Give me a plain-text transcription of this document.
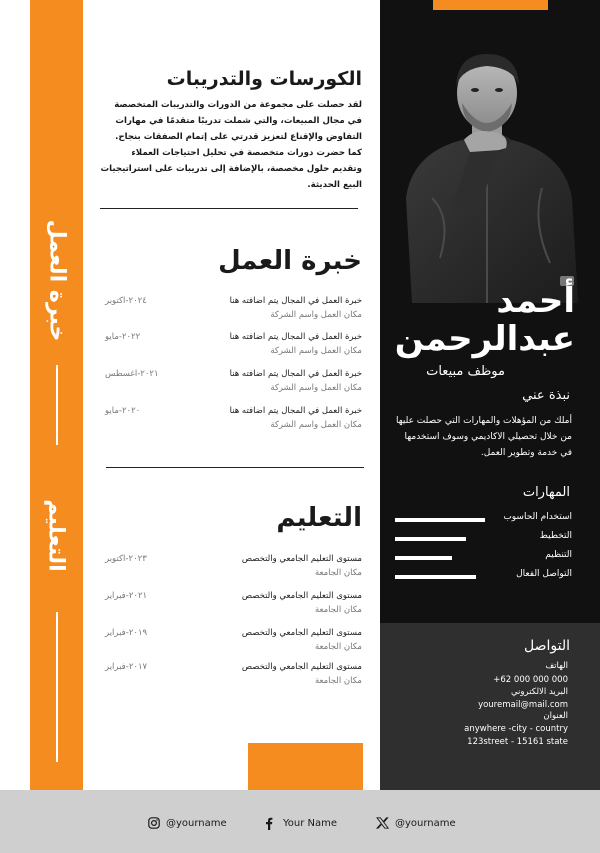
خبرة العمل
التعليم
أحمد
عبدالرحمن
موظف مبيعات
نبذة عني
أملك من المؤهلات والمهارات التي حصلت عليها من خلال تحصيلي الاكاديمي وسوف استخدمها في خدمة وتطوير العمل.
المهارات
استخدام الحاسوب
التخطيط
التنظيم
التواصل الفعال
التواصل
الهاتف
+62 000 000 000
البريد الالكتروني
youremail@mail.com
العنوان
anywhere -city - country
123street - 15161 state
الكورسات والتدريبات
لقد حصلت على مجموعة من الدورات والتدريبات المتخصصة في مجال المبيعات، والتي شملت تدريبًا متقدمًا في مهارات التفاوض والإقناع لتعزيز قدرتي على إتمام الصفقات بنجاح. كما حضرت دورات متخصصة في تحليل احتياجات العملاء وتقديم حلول مخصصة، بالإضافة إلى تدريبات على استراتيجيات البيع الحديثة.
خبرة العمل
خبرة العمل في المجال يتم اضافته هنا
مكان العمل واسم الشركة
٢٠٢٤-اكتوبر
خبرة العمل في المجال يتم اضافته هنا
مكان العمل واسم الشركة
٢٠٢٢-مايو
خبرة العمل في المجال يتم اضافته هنا
مكان العمل واسم الشركة
٢٠٢١-اغسطس
خبرة العمل في المجال يتم اضافته هنا
مكان العمل واسم الشركة
٢٠٢٠-مايو
التعليم
مستوى التعليم الجامعي والتخصص
مكان الجامعة
٢٠٢٣-اكتوبر
مستوى التعليم الجامعي والتخصص
مكان الجامعة
٢٠٢١-فبراير
مستوى التعليم الجامعي والتخصص
مكان الجامعة
٢٠١٩-فبراير
مستوى التعليم الجامعي والتخصص
مكان الجامعة
٢٠١٧-فبراير
@yourname	Your Name	@yourname
